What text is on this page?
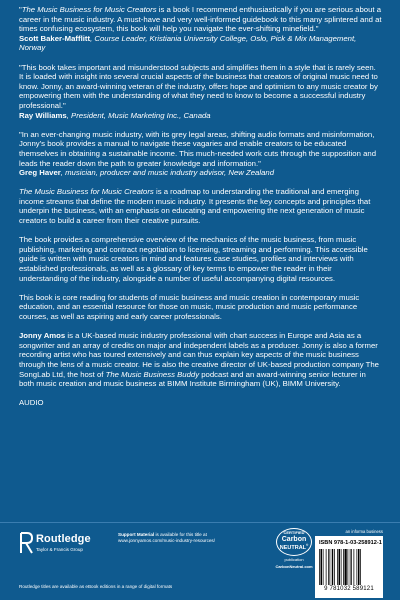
"The Music Business for Music Creators is a book I recommend enthusiastically if you are serious about a career in the music industry. A must-have and very well-informed guidebook to this many splintered and at times confusing ecosystem, this book will help you navigate the ever-shifting minefield."
Scott Baker-Mafflitt, Course Leader, Kristiania University College, Oslo, Pick & Mix Management, Norway
"This book takes important and misunderstood subjects and simplifies them in a style that is rarely seen. It is loaded with insight into several crucial aspects of the business that creators of original music need to know. Jonny, an award-winning veteran of the industry, offers hope and optimism to any music creator by empowering them with the understanding of what they need to know to become a successful industry professional."
Ray Williams, President, Music Marketing Inc., Canada
"In an ever-changing music industry, with its grey legal areas, shifting audio formats and misinformation, Jonny's book provides a manual to navigate these vagaries and enable creators to be educated themselves in obtaining a sustainable income. This much-needed work cuts through the supposition and leads the reader down the path to greater knowledge and information."
Greg Haver, musician, producer and music industry advisor, New Zealand

The Music Business for Music Creators is a roadmap to understanding the traditional and emerging income streams that define the modern music industry. It presents the key concepts and principles that underpin the business, with an emphasis on educating and empowering the next generation of music creators to build a career from their creative pursuits.

The book provides a comprehensive overview of the mechanics of the music business, from music publishing, marketing and contract negotiation to licensing, streaming and performing. This accessible guide is written with music creators in mind and features case studies, profiles and interviews with established professionals, as well as a glossary of key terms to empower the reader in their understanding of the industry, alongside a number of useful accompanying digital resources.

This book is core reading for students of music business and music creation in contemporary music education, and an essential resource for those on music, music production and music performance courses, as well as aspiring and early career professionals.

Jonny Amos is a UK-based music industry professional with chart success in Europe and Asia as a songwriter and an array of credits on major and independent labels as a producer. Jonny is also a former recording artist who has toured extensively and can thus explain key aspects of the music business through the lens of a music creator. He is also the creative director of UK-based production company The SongLab Ltd, the host of The Music Business Buddy podcast and an award-winning senior lecturer in both music creation and music business at BIMM Institute Birmingham (UK), BIMM University.

AUDIO

Routledge
Taylor & Francis Group
Support Material is available for this title at
www.jonnyamos.com/music-industry-resources/
CERTIFIED
Carbon
NEUTRAL®
publication
CarbonNeutral.com
an informa business
ISBN 978-1-03-258912-1
9 781032 589121
Routledge titles are available as eBook editions in a range of digital formats
